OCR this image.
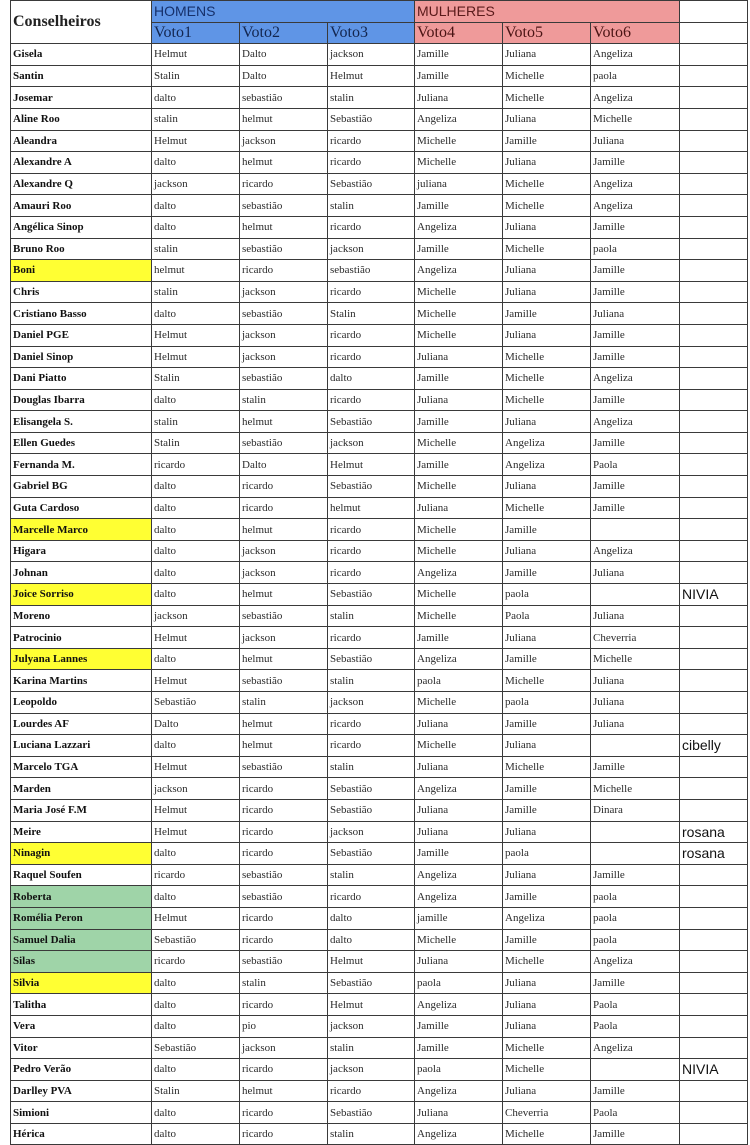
Conselheiros	HOMENS			MULHERES			
	Voto1	Voto2	Voto3	Voto4	Voto5	Voto6	
Gisela	Helmut	Dalto	jackson	Jamille	Juliana	Angeliza	
Santin	Stalin	Dalto	Helmut	Jamille	Michelle	paola	
Josemar	dalto	sebastião	stalin	Juliana	Michelle	Angeliza	
Aline Roo	stalin	helmut	Sebastião	Angeliza	Juliana	Michelle	
Aleandra	Helmut	jackson	ricardo	Michelle	Jamille	Juliana	
Alexandre A	dalto	helmut	ricardo	Michelle	Juliana	Jamille	
Alexandre Q	jackson	ricardo	Sebastião	juliana	Michelle	Angeliza	
Amauri Roo	dalto	sebastião	stalin	Jamille	Michelle	Angeliza	
Angélica Sinop	dalto	helmut	ricardo	Angeliza	Juliana	Jamille	
Bruno Roo	stalin	sebastião	jackson	Jamille	Michelle	paola	
Boni	helmut	ricardo	sebastião	Angeliza	Juliana	Jamille	
Chris	stalin	jackson	ricardo	Michelle	Juliana	Jamille	
Cristiano Basso	dalto	sebastião	Stalin	Michelle	Jamille	Juliana	
Daniel PGE	Helmut	jackson	ricardo	Michelle	Juliana	Jamille	
Daniel Sinop	Helmut	jackson	ricardo	Juliana	Michelle	Jamille	
Dani Piatto	Stalin	sebastião	dalto	Jamille	Michelle	Angeliza	
Douglas Ibarra	dalto	stalin	ricardo	Juliana	Michelle	Jamille	
Elisangela S.	stalin	helmut	Sebastião	Jamille	Juliana	Angeliza	
Ellen Guedes	Stalin	sebastião	jackson	Michelle	Angeliza	Jamille	
Fernanda M.	ricardo	Dalto	Helmut	Jamille	Angeliza	Paola	
Gabriel BG	dalto	ricardo	Sebastião	Michelle	Juliana	Jamille	
Guta Cardoso	dalto	ricardo	helmut	Juliana	Michelle	Jamille	
Marcelle Marco	dalto	helmut	ricardo	Michelle	Jamille		
Higara	dalto	jackson	ricardo	Michelle	Juliana	Angeliza	
Johnan	dalto	jackson	ricardo	Angeliza	Jamille	Juliana	
Joice Sorriso	dalto	helmut	Sebastião	Michelle	paola		NIVIA
Moreno	jackson	sebastião	stalin	Michelle	Paola	Juliana	
Patrocinio	Helmut	jackson	ricardo	Jamille	Juliana	Cheverria	
Julyana Lannes	dalto	helmut	Sebastião	Angeliza	Jamille	Michelle	
Karina Martins	Helmut	sebastião	stalin	paola	Michelle	Juliana	
Leopoldo	Sebastião	stalin	jackson	Michelle	paola	Juliana	
Lourdes AF	Dalto	helmut	ricardo	Juliana	Jamille	Juliana	
Luciana Lazzari	dalto	helmut	ricardo	Michelle	Juliana		cibelly
Marcelo TGA	Helmut	sebastião	stalin	Juliana	Michelle	Jamille	
Marden	jackson	ricardo	Sebastião	Angeliza	Jamille	Michelle	
Maria José F.M	Helmut	ricardo	Sebastião	Juliana	Jamille	Dinara	
Meire	Helmut	ricardo	jackson	Juliana	Juliana		rosana
Ninagin	dalto	ricardo	Sebastião	Jamille	paola		rosana
Raquel Soufen	ricardo	sebastião	stalin	Angeliza	Juliana	Jamille	
Roberta	dalto	sebastião	ricardo	Angeliza	Jamille	paola	
Romélia Peron	Helmut	ricardo	dalto	jamille	Angeliza	paola	
Samuel Dalia	Sebastião	ricardo	dalto	Michelle	Jamille	paola	
Silas	ricardo	sebastião	Helmut	Juliana	Michelle	Angeliza	
Silvia	dalto	stalin	Sebastião	paola	Juliana	Jamille	
Talitha	dalto	ricardo	Helmut	Angeliza	Juliana	Paola	
Vera	dalto	pio	jackson	Jamille	Juliana	Paola	
Vitor	Sebastião	jackson	stalin	Jamille	Michelle	Angeliza	
Pedro Verão	dalto	ricardo	jackson	paola	Michelle		NIVIA
Darlley PVA	Stalin	helmut	ricardo	Angeliza	Juliana	Jamille	
Simioni	dalto	ricardo	Sebastião	Juliana	Cheverria	Paola	
Hérica	dalto	ricardo	stalin	Angeliza	Michelle	Jamille	
